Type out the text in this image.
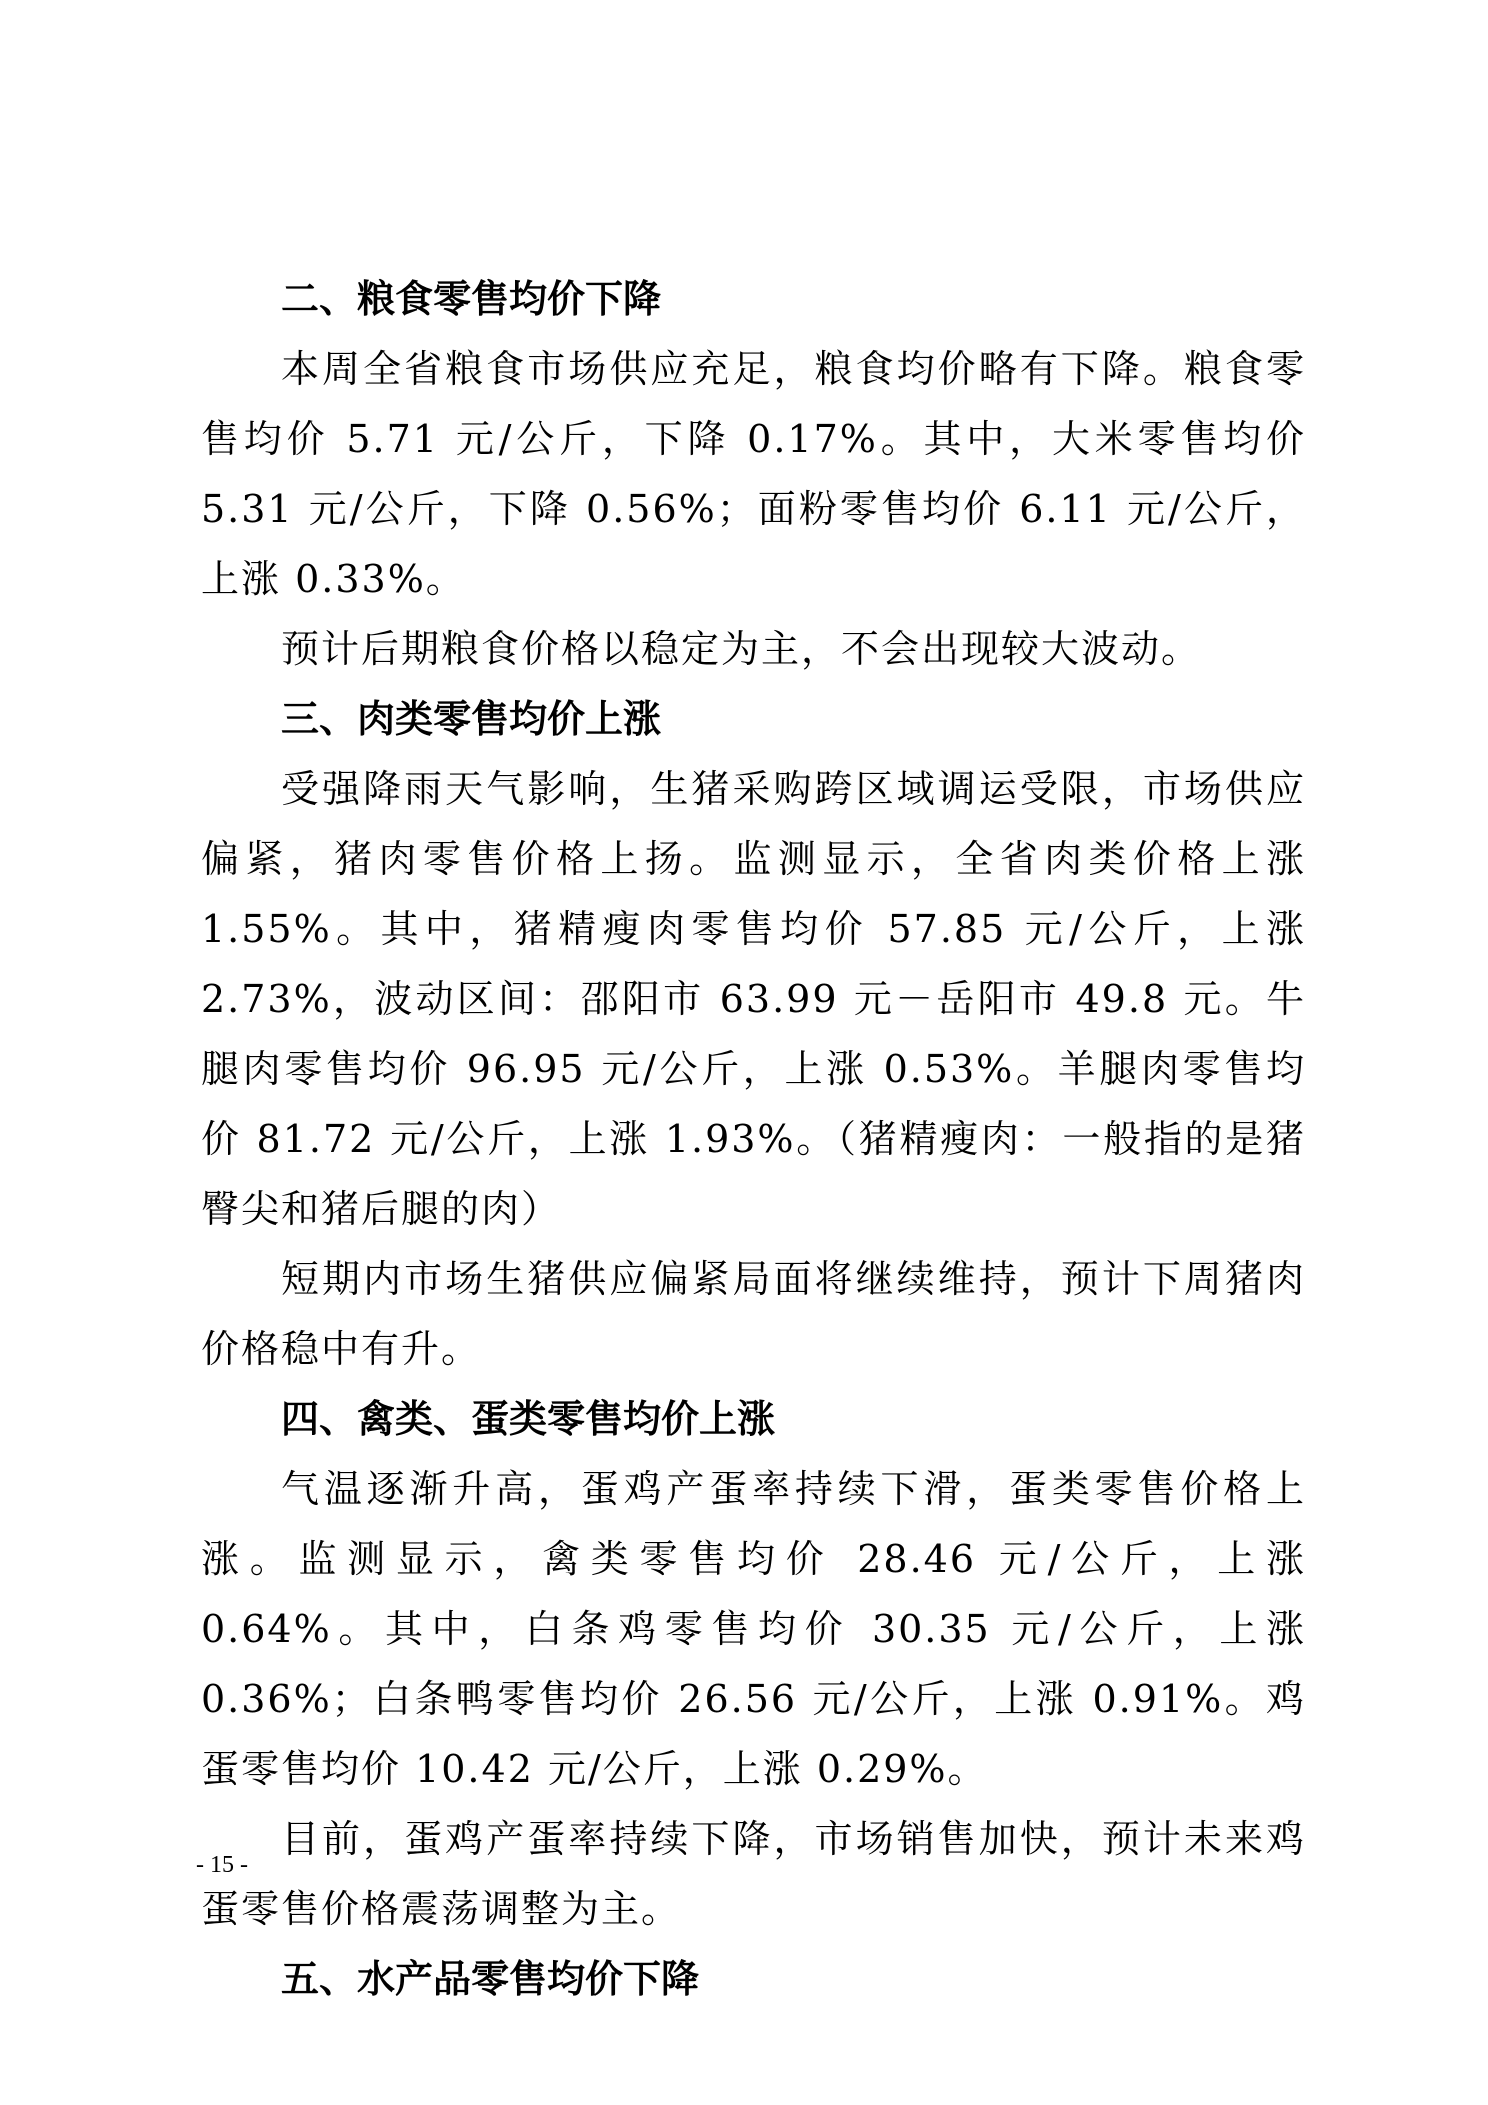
二、粮食零售均价下降

本周全省粮食市场供应充足，粮食均价略有下降。粮食零售均价 5.71 元/公斤，下降 0.17%。其中，大米零售均价 5.31 元/公斤，下降 0.56%；面粉零售均价 6.11 元/公斤，上涨 0.33%。

预计后期粮食价格以稳定为主，不会出现较大波动。

三、肉类零售均价上涨

受强降雨天气影响，生猪采购跨区域调运受限，市场供应偏紧，猪肉零售价格上扬。监测显示，全省肉类价格上涨 1.55%。其中，猪精瘦肉零售均价 57.85 元/公斤，上涨 2.73%，波动区间：邵阳市 63.99 元－岳阳市 49.8 元。牛腿肉零售均价 96.95 元/公斤，上涨 0.53%。羊腿肉零售均价 81.72 元/公斤，上涨 1.93%。（猪精瘦肉：一般指的是猪臀尖和猪后腿的肉）

短期内市场生猪供应偏紧局面将继续维持，预计下周猪肉价格稳中有升。

四、禽类、蛋类零售均价上涨

气温逐渐升高，蛋鸡产蛋率持续下滑，蛋类零售价格上涨。监测显示，禽类零售均价 28.46 元/公斤，上涨 0.64%。其中，白条鸡零售均价 30.35 元/公斤，上涨 0.36%；白条鸭零售均价 26.56 元/公斤，上涨 0.91%。鸡蛋零售均价 10.42 元/公斤，上涨 0.29%。

目前，蛋鸡产蛋率持续下降，市场销售加快，预计未来鸡蛋零售价格震荡调整为主。

五、水产品零售均价下降
- 15 -
